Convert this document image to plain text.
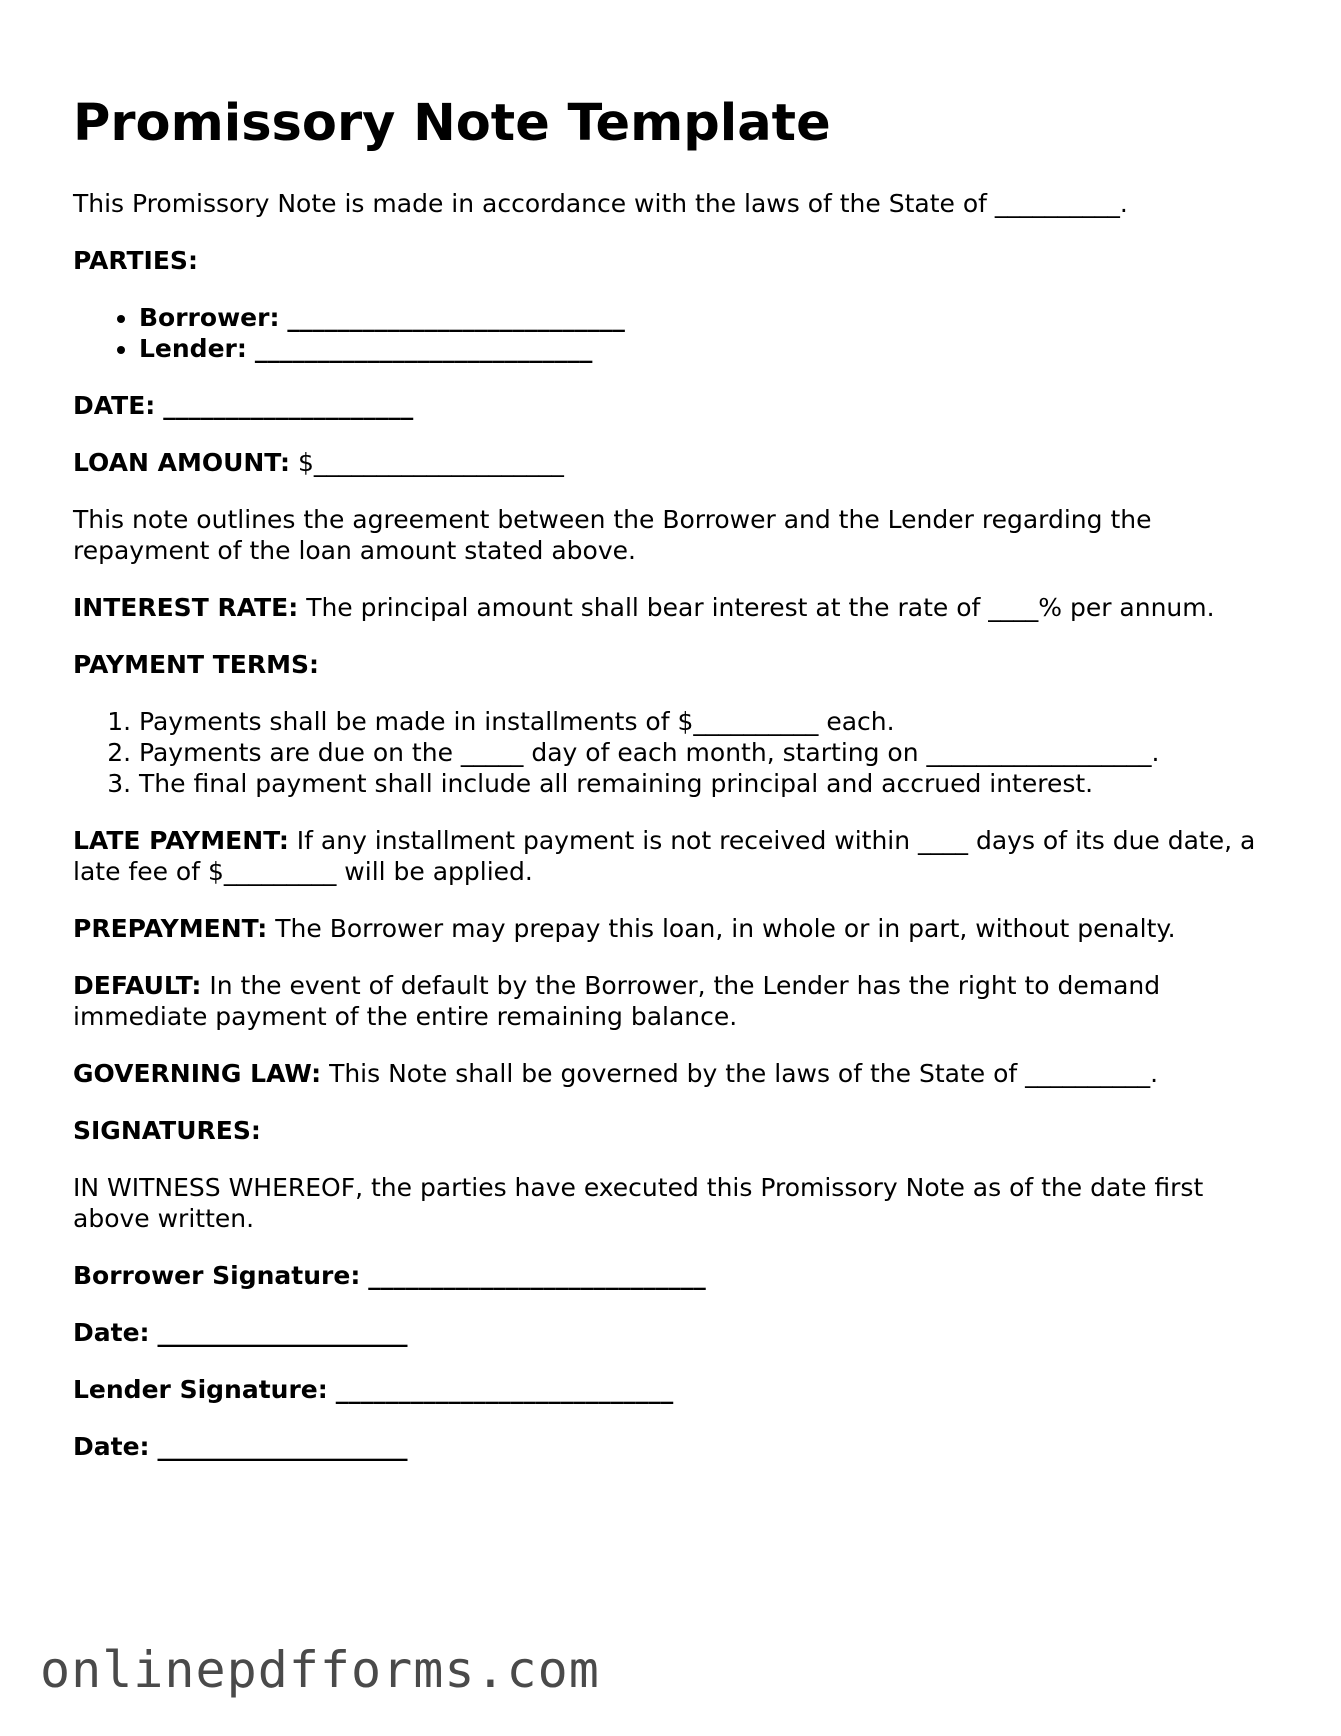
Promissory Note Template

This Promissory Note is made in accordance with the laws of the State of __________.

PARTIES:

• Borrower: ___________________________
• Lender: ___________________________

DATE: ____________________

LOAN AMOUNT: $____________________

This note outlines the agreement between the Borrower and the Lender regarding the repayment of the loan amount stated above.

INTEREST RATE: The principal amount shall bear interest at the rate of ____% per annum.

PAYMENT TERMS:

1. Payments shall be made in installments of $__________ each.
2. Payments are due on the _____ day of each month, starting on __________________.
3. The final payment shall include all remaining principal and accrued interest.

LATE PAYMENT: If any installment payment is not received within ____ days of its due date, a late fee of $_________ will be applied.

PREPAYMENT: The Borrower may prepay this loan, in whole or in part, without penalty.

DEFAULT: In the event of default by the Borrower, the Lender has the right to demand immediate payment of the entire remaining balance.

GOVERNING LAW: This Note shall be governed by the laws of the State of __________.

SIGNATURES:

IN WITNESS WHEREOF, the parties have executed this Promissory Note as of the date first above written.

Borrower Signature: ___________________________

Date: ____________________

Lender Signature: ___________________________

Date: ____________________

onlinepdfforms.com
